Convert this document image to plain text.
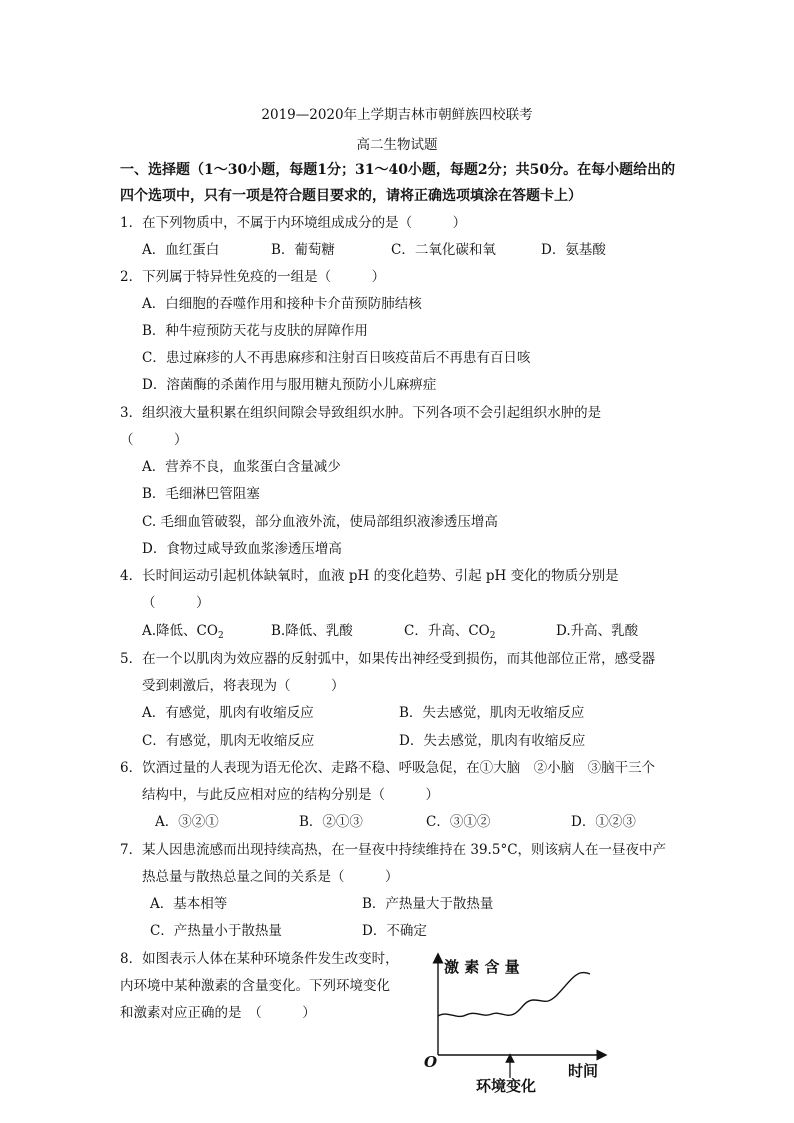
2019—2020年上学期吉林市朝鲜族四校联考
高二生物试题
一、选择题（1～30小题，每题1分；31～40小题，每题2分；共50分。在每小题给出的
四个选项中，只有一项是符合题目要求的，请将正确选项填涂在答题卡上）
1．在下列物质中，不属于内环境组成成分的是（　　　）
A．血红蛋白	B．葡萄糖	C．二氧化碳和氧	D．氨基酸
2．下列属于特异性免疫的一组是（　　　）
A．白细胞的吞噬作用和接种卡介苗预防肺结核
B．种牛痘预防天花与皮肤的屏障作用
C．患过麻疹的人不再患麻疹和注射百日咳疫苗后不再患有百日咳
D．溶菌酶的杀菌作用与服用糖丸预防小儿麻痹症
3．组织液大量积累在组织间隙会导致组织水肿。下列各项不会引起组织水肿的是
（　　　）
A．营养不良，血浆蛋白含量减少
B．毛细淋巴管阻塞
C. 毛细血管破裂，部分血液外流，使局部组织液渗透压增高
D．食物过咸导致血浆渗透压增高
4．长时间运动引起机体缺氧时，血液 pH 的变化趋势、引起 pH 变化的物质分别是
（　　　）
A.降低、$CO_2$	B.降低、乳酸	C．升高、$CO_2$	D.升高、乳酸
5．在一个以肌肉为效应器的反射弧中，如果传出神经受到损伤，而其他部位正常，感受器
受到刺激后，将表现为（　　　）
A．有感觉，肌肉有收缩反应	B．失去感觉，肌肉无收缩反应
C．有感觉，肌肉无收缩反应	D．失去感觉，肌肉有收缩反应
6．饮酒过量的人表现为语无伦次、走路不稳、呼吸急促，在①大脑　②小脑　③脑干三个
结构中，与此反应相对应的结构分别是（　　　）
A．③②①	B．②①③	C．③①②	D．①②③
7．某人因患流感而出现持续高热，在一昼夜中持续维持在 39.5°C，则该病人在一昼夜中产
热总量与散热总量之间的关系是（　　　）
A．基本相等	B．产热量大于散热量
C．产热量小于散热量	D．不确定
8．如图表示人体在某种环境条件发生改变时，
内环境中某种激素的含量变化。下列环境变化
和激素对应正确的是　（　　　）
激 素 含 量
O	时间
环境变化
